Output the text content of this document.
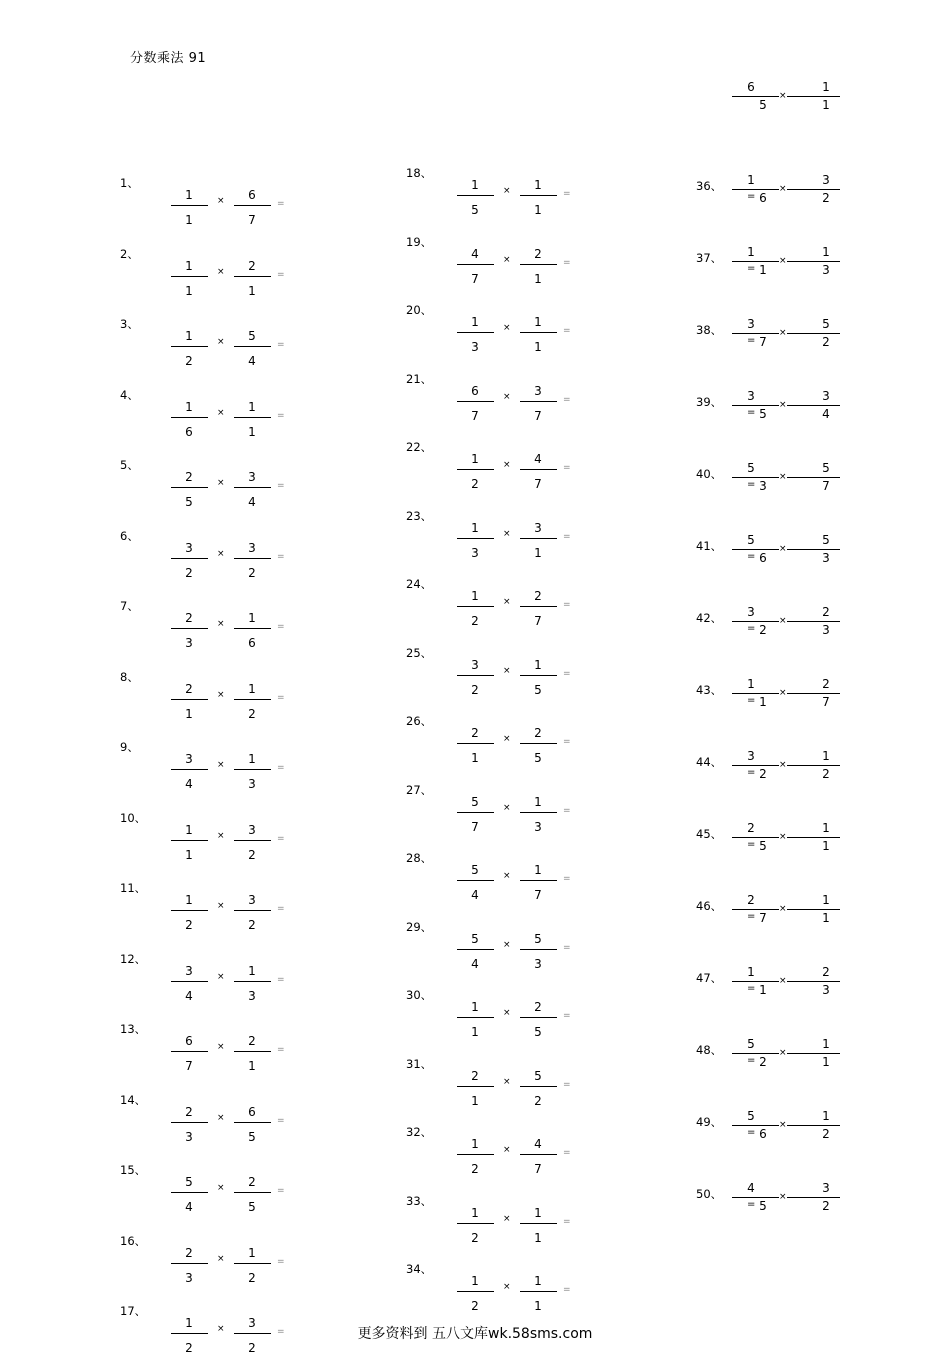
分数乘法 91
1、
1
1
×	6
7
=
2、
1
1
×	2
1
=
3、
1
2
×	5
4
=
4、
1
6
×	1
1
=
5、
2
5
×	3
4
=
6、
3
2
×	3
2
=
7、
2
3
×	1
6
=
8、
2
1
×	1
2
=
9、
3
4
×	1
3
=
10、
1
1
×	3
2
=
11、
1
2
×	3
2
=
12、
3
4
×	1
3
=
13、
6
7
×	2
1
=
14、
2
3
×	6
5
=
15、
5
4
×	2
5
=
16、
2
3
×	1
2
=
17、
1
2
×	3
2
=
18、
1
5
×	1
1
=
19、
4
7
×	2
1
=
20、
1
3
×	1
1
=
21、
6
7
×	3
7
=
22、
1
2
×	4
7
=
23、
1
3
×	3
1
=
24、
1
2
×	2
7
=
25、
3
2
×	1
5
=
26、
2
1
×	2
5
=
27、
5
7
×	1
3
=
28、
5
4
×	1
7
=
29、
5
4
×	5
3
=
30、
1
1
×	2
5
=
31、
2
1
×	5
2
=
32、
1
2
×	4
7
=
33、
1
2
×	1
1
=
34、
1
2
×	1
1
=
6
5
×
1
1
36、	1
= 6
×
3
2
37、	1
= 1
×
1
3
38、	3
= 7
×
5
2
39、	3
= 5
×
3
4
40、	5
= 3
×
5
7
41、	5
= 6
×
5
3
42、	3
= 2
×
2
3
43、	1
= 1
×
2
7
44、	3
= 2
×
1
2
45、	2
= 5
×
1
1
46、	2
= 7
×
1
1
47、	1
= 1
×
2
3
48、	5
= 2
×
1
1
49、	5
= 6
×
1
2
50、	4
= 5
×
3
2
更多资料到 五八文库wk.58sms.com
